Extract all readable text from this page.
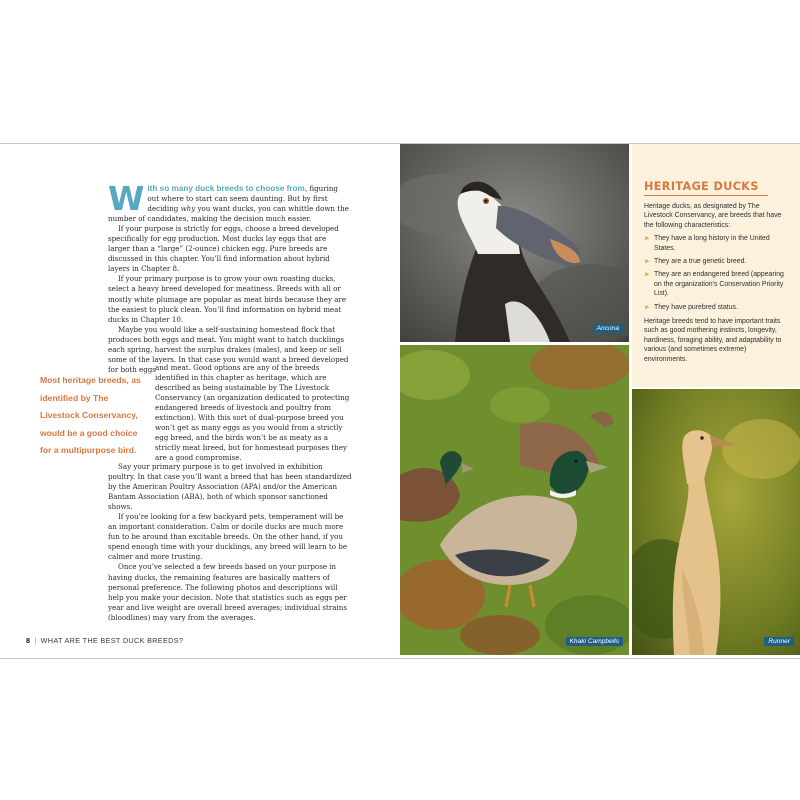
With so many duck breeds to choose from, figuring out where to start can seem daunting. But by first deciding why you want ducks, you can whittle down the number of candidates, making the decision much easier.

If your purpose is strictly for eggs, choose a breed developed specifically for egg production. Most ducks lay eggs that are larger than a “large” (2-ounce) chicken egg. Pure breeds are discussed in this chapter. You’ll find information about hybrid layers in Chapter 8.

If your primary purpose is to grow your own roasting ducks, select a heavy breed developed for meatiness. Breeds with all or mostly white plumage are popular as meat birds because they are the easiest to pluck clean. You’ll find information on hybrid meat ducks in Chapter 10.

Maybe you would like a self-sustaining homestead flock that produces both eggs and meat. You might want to hatch ducklings each spring, harvest the surplus drakes (males), and keep or sell some of the layers. In that case you would want a breed developed for both eggs and meat. Good options are any of the breeds identified in this chapter as heritage, which are described as being sustainable by The Livestock Conservancy (an organization dedicated to protecting endangered breeds of livestock and poultry from extinction). With this sort of dual-purpose breed you won’t get as many eggs as you would from a strictly egg breed, and the birds won’t be as meaty as a strictly meat breed, but for homestead purposes they are a good compromise.

Say your primary purpose is to get involved in exhibition poultry. In that case you’ll want a breed that has been standardized by the American Poultry Association (APA) and/or the American Bantam Association (ABA), both of which sponsor sanctioned shows.

If you’re looking for a few backyard pets, temperament will be an important consideration. Calm or docile ducks are much more fun to be around than excitable breeds. On the other hand, if you spend enough time with your ducklings, any breed will learn to be calmer and more trusting.

Once you’ve selected a few breeds based on your purpose in having ducks, the remaining features are basically matters of personal preference. The following photos and descriptions will help you make your decision. Note that statistics such as eggs per year and live weight are overall breed averages; individual strains (bloodlines) may vary from the averages.

Most heritage breeds, as identified by The Livestock Conservancy, would be a good choice for a multipurpose bird.

8 | WHAT ARE THE BEST DUCK BREEDS?
Ancona
Khaki Campbells
HERITAGE DUCKS

Heritage ducks, as designated by The Livestock Conservancy, are breeds that have the following characteristics:

► They have a long history in the United States.
► They are a true genetic breed.
► They are an endangered breed (appearing on the organization’s Conservation Priority List).
► They have purebred status.

Heritage breeds tend to have important traits such as good mothering instincts, longevity, hardiness, foraging ability, and adaptability to various (and sometimes extreme) environments.

Runner
